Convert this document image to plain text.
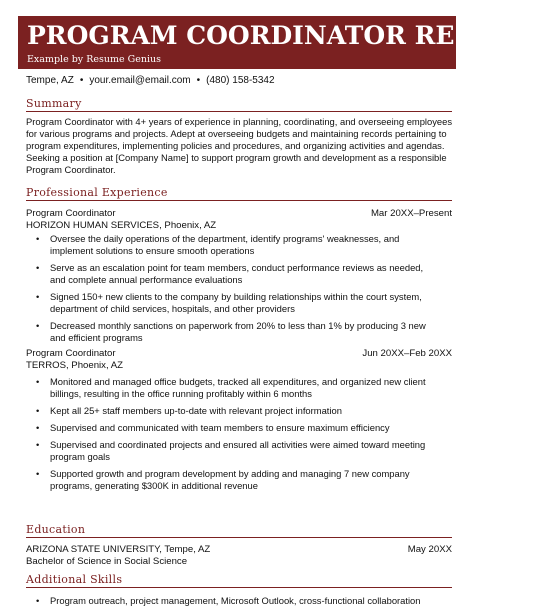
PROGRAM COORDINATOR RESUME
Example by Resume Genius
Tempe, AZ • your.email@email.com • (480) 158-5342
Summary
Program Coordinator with 4+ years of experience in planning, coordinating, and overseeing employees for various programs and projects. Adept at overseeing budgets and maintaining records pertaining to program expenditures, implementing policies and procedures, and organizing activities and agendas. Seeking a position at [Company Name] to support program growth and development as a responsible Program Coordinator.
Professional Experience
Program Coordinator	Mar 20XX–Present
HORIZON HUMAN SERVICES, Phoenix, AZ
• Oversee the daily operations of the department, identify programs' weaknesses, and implement solutions to ensure smooth operations
• Serve as an escalation point for team members, conduct performance reviews as needed, and complete annual performance evaluations
• Signed 150+ new clients to the company by building relationships within the court system, department of child services, hospitals, and other providers
• Decreased monthly sanctions on paperwork from 20% to less than 1% by producing 3 new and efficient programs
Program Coordinator	Jun 20XX–Feb 20XX
TERROS, Phoenix, AZ
• Monitored and managed office budgets, tracked all expenditures, and organized new client billings, resulting in the office running profitably within 6 months
• Kept all 25+ staff members up-to-date with relevant project information
• Supervised and communicated with team members to ensure maximum efficiency
• Supervised and coordinated projects and ensured all activities were aimed toward meeting program goals
• Supported growth and program development by adding and managing 7 new company programs, generating $300K in additional revenue
Education
ARIZONA STATE UNIVERSITY, Tempe, AZ	May 20XX
Bachelor of Science in Social Science
Additional Skills
• Program outreach, project management, Microsoft Outlook, cross-functional collaboration
